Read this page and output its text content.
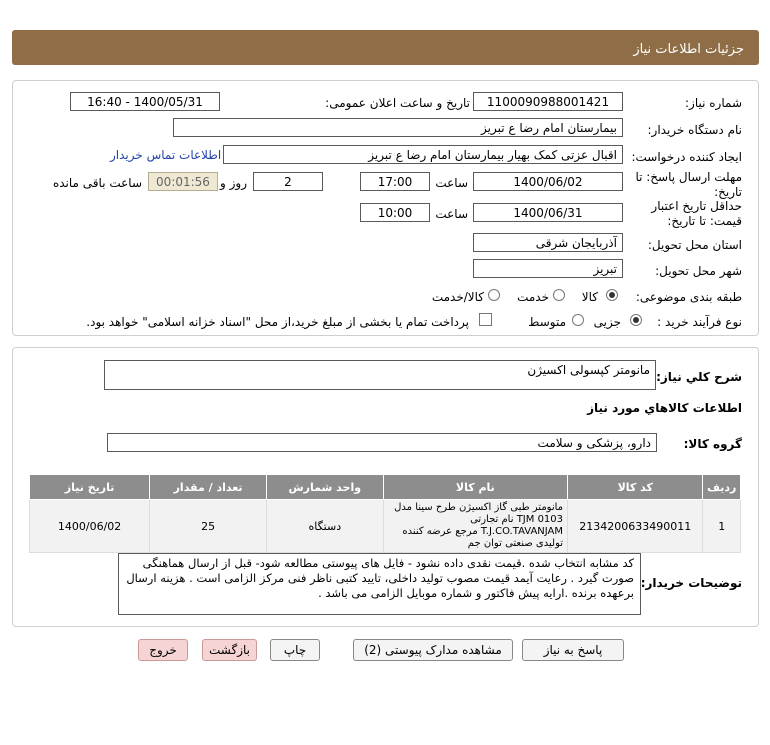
جزئیات اطلاعات نیاز
شماره نیاز:
1100090988001421
تاریخ و ساعت اعلان عمومی:
1400/05/31 - 16:40
نام دستگاه خریدار:
بیمارستان امام رضا ع تبریز
ایجاد کننده درخواست:
اقبال عزتی کمک بهیار بیمارستان امام رضا ع تبریز
اطلاعات تماس خریدار
مهلت ارسال پاسخ: تا تاریخ:
1400/06/02
ساعت
17:00
2
روز و
00:01:56
ساعت باقی مانده
حداقل تاریخ اعتبار قیمت: تا تاریخ:
1400/06/31
ساعت
10:00
استان محل تحویل:
آذربایجان شرقی
شهر محل تحویل:
تبریز
طبقه بندی موضوعی:
کالا
خدمت
کالا/خدمت
نوع فرآیند خرید :
جزیی
متوسط
پرداخت تمام یا بخشی از مبلغ خرید،از محل "اسناد خزانه اسلامی" خواهد بود.
شرح کلي نياز:
مانومتر کپسولی اکسیژن
اطلاعات کالاهاي مورد نياز
گروه کالا:
دارو، پزشکی و سلامت
ردیف	کد کالا	نام کالا	واحد شمارش	تعداد / مقدار	تاریخ نیاز
1	2134200633490011	مانومتر طبی گاز اکسیژن طرح سینا مدل TJM 0103 نام تجارتی T.J.CO.TAVANJAM مرجع عرضه کننده تولیدی صنعتی توان جم	دستگاه	25	1400/06/02
توضیحات خریدار:
کد مشابه انتخاب شده .قیمت نقدی داده نشود - فایل های پیوستی مطالعه شود- قبل از ارسال هماهنگی صورت گیرد . رعایت آیمد قیمت مصوب تولید داخلی، تایید کتبی ناظر فنی مرکز الزامی است . هزینه ارسال برعهده برنده .ارایه پیش فاکتور و شماره موبایل الزامی می باشد .
پاسخ به نیاز
مشاهده مدارک پیوستی (2)
چاپ
بازگشت
خروج
